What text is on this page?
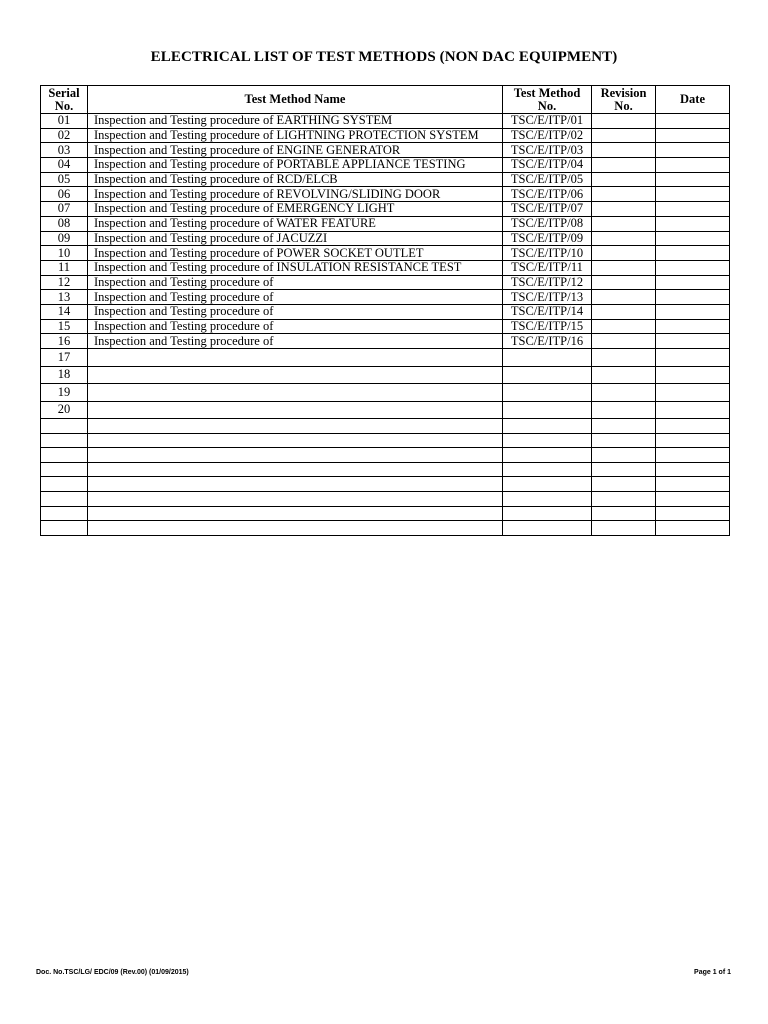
ELECTRICAL LIST OF TEST METHODS (NON DAC EQUIPMENT)
Serial No.	Test Method Name	Test Method No.	Revision No.	Date
01	Inspection and Testing procedure of EARTHING SYSTEM	TSC/E/ITP/01		
02	Inspection and Testing procedure of LIGHTNING PROTECTION SYSTEM	TSC/E/ITP/02		
03	Inspection and Testing procedure of ENGINE GENERATOR	TSC/E/ITP/03		
04	Inspection and Testing procedure of PORTABLE APPLIANCE TESTING	TSC/E/ITP/04		
05	Inspection and Testing procedure of RCD/ELCB	TSC/E/ITP/05		
06	Inspection and Testing procedure of REVOLVING/SLIDING DOOR	TSC/E/ITP/06		
07	Inspection and Testing procedure of EMERGENCY LIGHT	TSC/E/ITP/07		
08	Inspection and Testing procedure of WATER FEATURE	TSC/E/ITP/08		
09	Inspection and Testing procedure of JACUZZI	TSC/E/ITP/09		
10	Inspection and Testing procedure of POWER SOCKET OUTLET	TSC/E/ITP/10		
11	Inspection and Testing procedure of INSULATION RESISTANCE TEST	TSC/E/ITP/11		
12	Inspection and Testing procedure of	TSC/E/ITP/12		
13	Inspection and Testing procedure of	TSC/E/ITP/13		
14	Inspection and Testing procedure of	TSC/E/ITP/14		
15	Inspection and Testing procedure of	TSC/E/ITP/15		
16	Inspection and Testing procedure of	TSC/E/ITP/16		
17				
18				
19				
20				

Doc. No.TSC/LG/ EDC/09 (Rev.00) (01/09/2015)	Page 1 of 1
